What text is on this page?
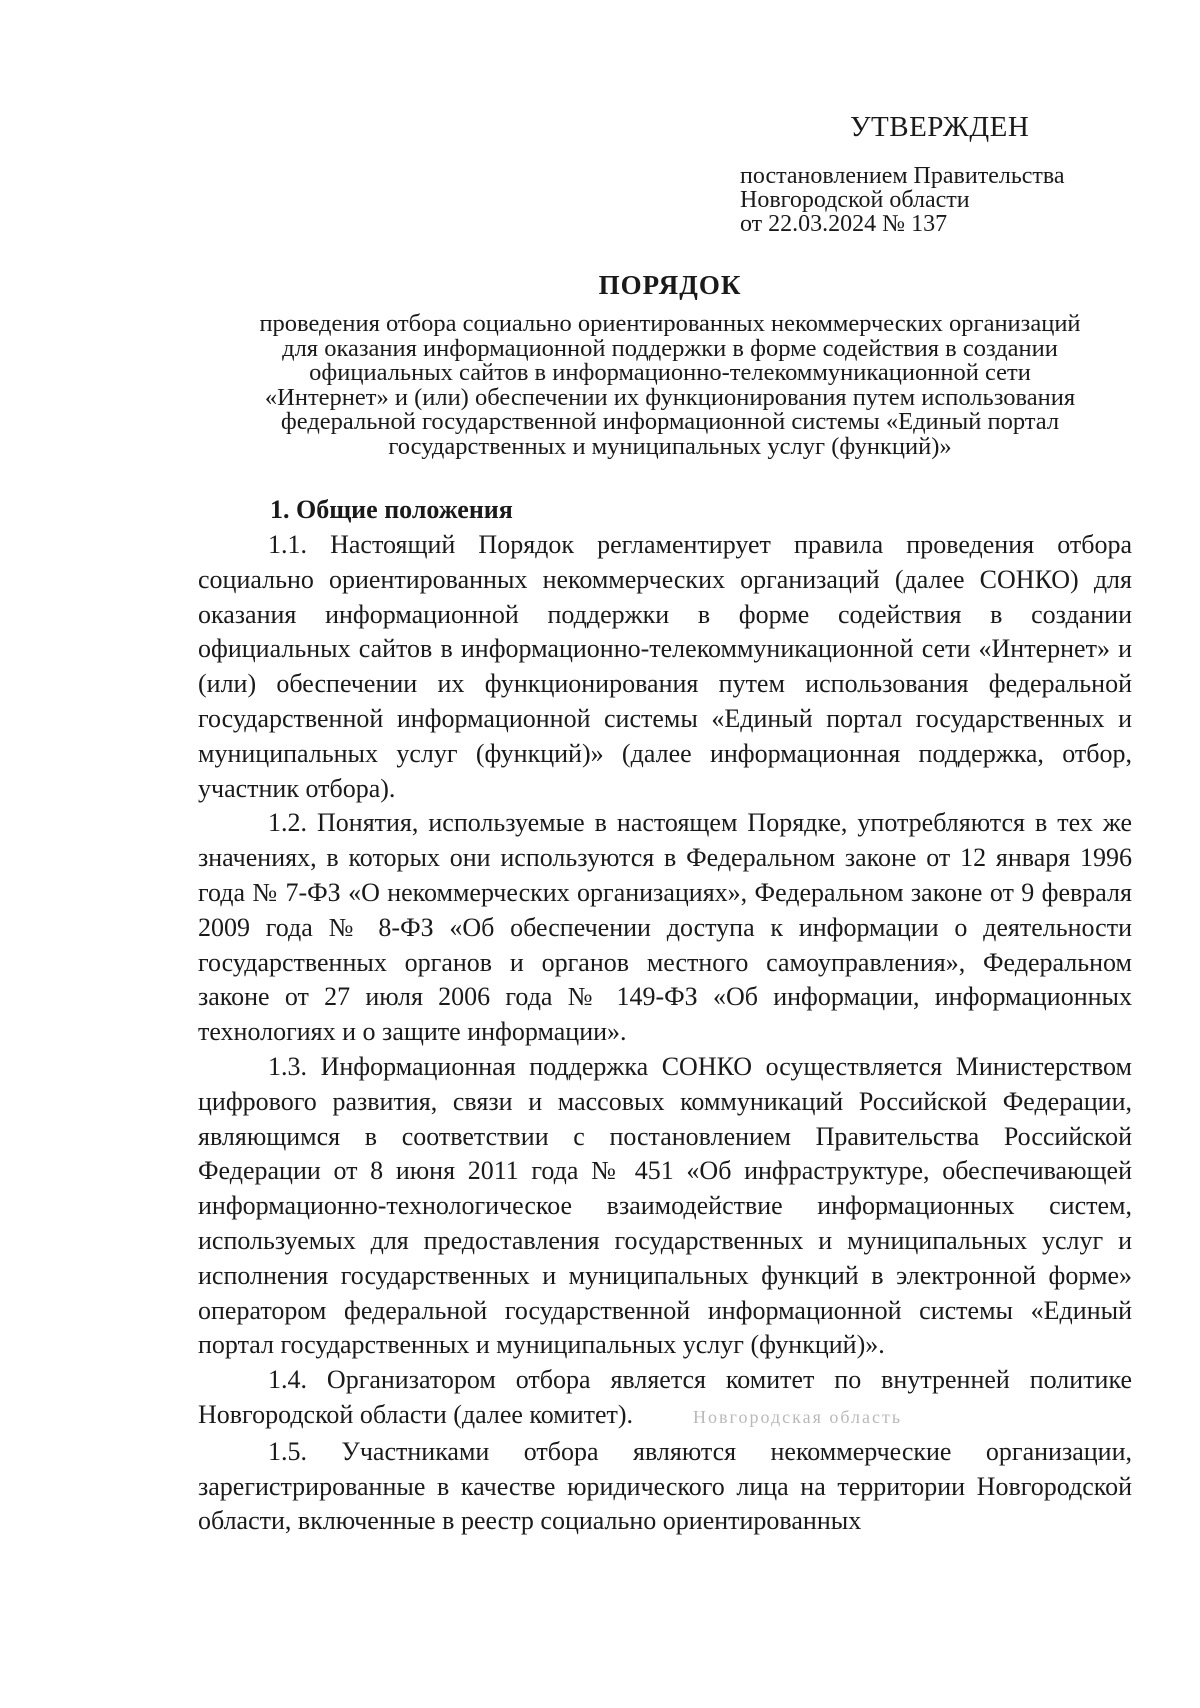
УТВЕРЖДЕН
постановлением Правительства
Новгородской области
от 22.03.2024 № 137
ПОРЯДОК
проведения отбора социально ориентированных некоммерческих организаций
для оказания информационной поддержки в форме содействия в создании
официальных сайтов в информационно-телекоммуникационной сети
«Интернет» и (или) обеспечении их функционирования путем использования
федеральной государственной информационной системы «Единый портал
государственных и муниципальных услуг (функций)»
1. Общие положения

1.1. Настоящий Порядок регламентирует правила проведения отбора социально ориентированных некоммерческих организаций (далее СОНКО) для оказания информационной поддержки в форме содействия в создании официальных сайтов в информационно-телекоммуникационной сети «Интернет» и (или) обеспечении их функционирования путем использования федеральной государственной информационной системы «Единый портал государственных и муниципальных услуг (функций)» (далее информационная поддержка, отбор, участник отбора).

1.2. Понятия, используемые в настоящем Порядке, употребляются в тех же значениях, в которых они используются в Федеральном законе от 12 января 1996 года № 7-ФЗ «О некоммерческих организациях», Федеральном законе от 9 февраля 2009 года № 8-ФЗ «Об обеспечении доступа к информации о деятельности государственных органов и органов местного самоуправления», Федеральном законе от 27 июля 2006 года № 149-ФЗ «Об информации, информационных технологиях и о защите информации».

1.3. Информационная поддержка СОНКО осуществляется Министерством цифрового развития, связи и массовых коммуникаций Российской Федерации, являющимся в соответствии с постановлением Правительства Российской Федерации от 8 июня 2011 года № 451 «Об инфраструктуре, обеспечивающей информационно-технологическое взаимодействие информационных систем, используемых для предоставления государственных и муниципальных услуг и исполнения государственных и муниципальных функций в электронной форме» оператором федеральной государственной информационной системы «Единый портал государственных и муниципальных услуг (функций)».

1.4. Организатором отбора является комитет по внутренней политике Новгородской области (далее комитет).	Новгородская область

1.5. Участниками отбора являются некоммерческие организации, зарегистрированные в качестве юридического лица на территории Новгородской области, включенные в реестр социально ориентированных
